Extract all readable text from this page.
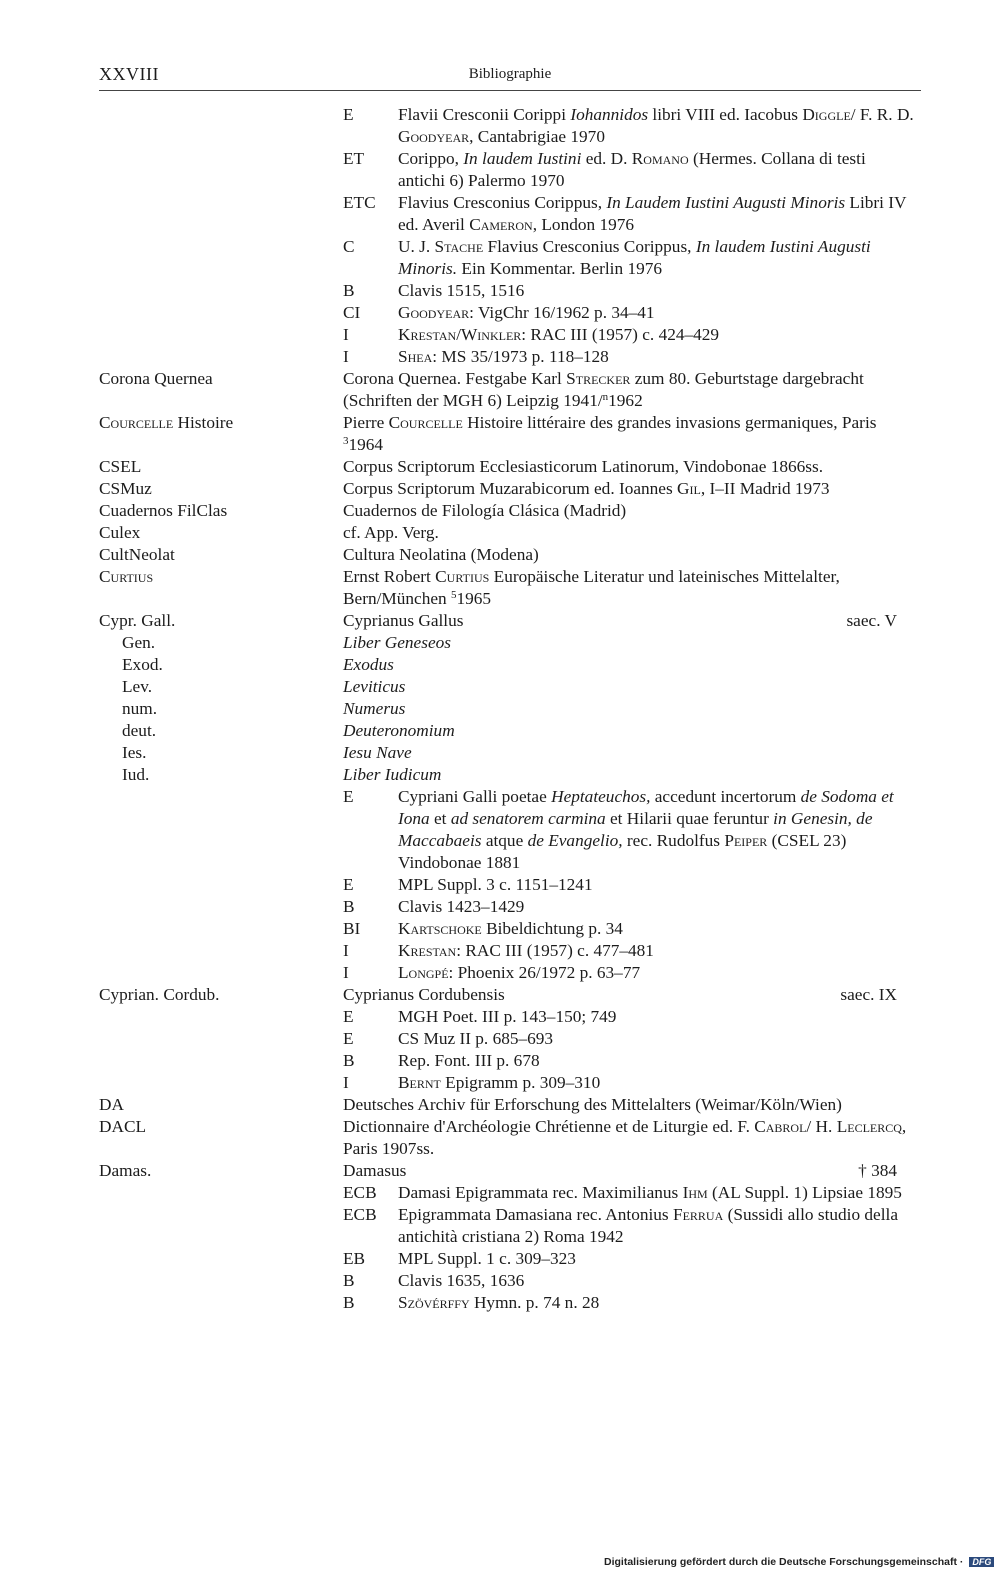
XXVIII	Bibliographie
E	Flavii Cresconii Corippi Iohannidos libri VIII ed. Iacobus Diggle/ F. R. D. Goodyear, Cantabrigiae 1970
ET	Corippo, In laudem Iustini ed. D. Romano (Hermes. Collana di testi antichi 6) Palermo 1970
ETC	Flavius Cresconius Corippus, In Laudem Iustini Augusti Minoris Libri IV ed. Averil Cameron, London 1976
C	U. J. Stache Flavius Cresconius Corippus, In laudem Iustini Augusti Minoris. Ein Kommentar. Berlin 1976
B	Clavis 1515, 1516
CI	Goodyear: VigChr 16/1962 p. 34–41
I	Krestan/Winkler: RAC III (1957) c. 424–429
I	Shea: MS 35/1973 p. 118–128
Corona Quernea	Corona Quernea. Festgabe Karl Strecker zum 80. Geburtstage dargebracht (Schriften der MGH 6) Leipzig 1941/$^n$1962
Courcelle Histoire	Pierre Courcelle Histoire littéraire des grandes invasions germaniques, Paris $^3$1964
CSEL	Corpus Scriptorum Ecclesiasticorum Latinorum, Vindobonae 1866ss.
CSMuz	Corpus Scriptorum Muzarabicorum ed. Ioannes Gil, I–II Madrid 1973
Cuadernos FilClas	Cuadernos de Filología Clásica (Madrid)
Culex	cf. App. Verg.
CultNeolat	Cultura Neolatina (Modena)
Curtius	Ernst Robert Curtius Europäische Literatur und lateinisches Mittelalter, Bern/München $^5$1965
Cypr. Gall.	Cyprianus Gallus	saec. V
Gen.	Liber Geneseos
Exod.	Exodus
Lev.	Leviticus
num.	Numerus
deut.	Deuteronomium
Ies.	Iesu Nave
Iud.	Liber Iudicum
E	Cypriani Galli poetae Heptateuchos, accedunt incertorum de Sodoma et Iona et ad senatorem carmina et Hilarii quae feruntur in Genesin, de Maccabaeis atque de Evangelio, rec. Rudolfus Peiper (CSEL 23) Vindobonae 1881
E	MPL Suppl. 3 c. 1151–1241
B	Clavis 1423–1429
BI	Kartschoke Bibeldichtung p. 34
I	Krestan: RAC III (1957) c. 477–481
I	Longpé: Phoenix 26/1972 p. 63–77
Cyprian. Cordub.	Cyprianus Cordubensis	saec. IX
E	MGH Poet. III p. 143–150; 749
E	CS Muz II p. 685–693
B	Rep. Font. III p. 678
I	Bernt Epigramm p. 309–310
DA	Deutsches Archiv für Erforschung des Mittelalters (Weimar/Köln/Wien)
DACL	Dictionnaire d'Archéologie Chrétienne et de Liturgie ed. F. Cabrol/ H. Leclercq, Paris 1907ss.
Damas.	Damasus	† 384
ECB	Damasi Epigrammata rec. Maximilianus Ihm (AL Suppl. 1) Lipsiae 1895
ECB	Epigrammata Damasiana rec. Antonius Ferrua (Sussidi allo studio della antichità cristiana 2) Roma 1942
EB	MPL Suppl. 1 c. 309–323
B	Clavis 1635, 1636
B	Szövérffy Hymn. p. 74 n. 28
Digitalisierung gefördert durch die Deutsche Forschungsgemeinschaft · DFG
